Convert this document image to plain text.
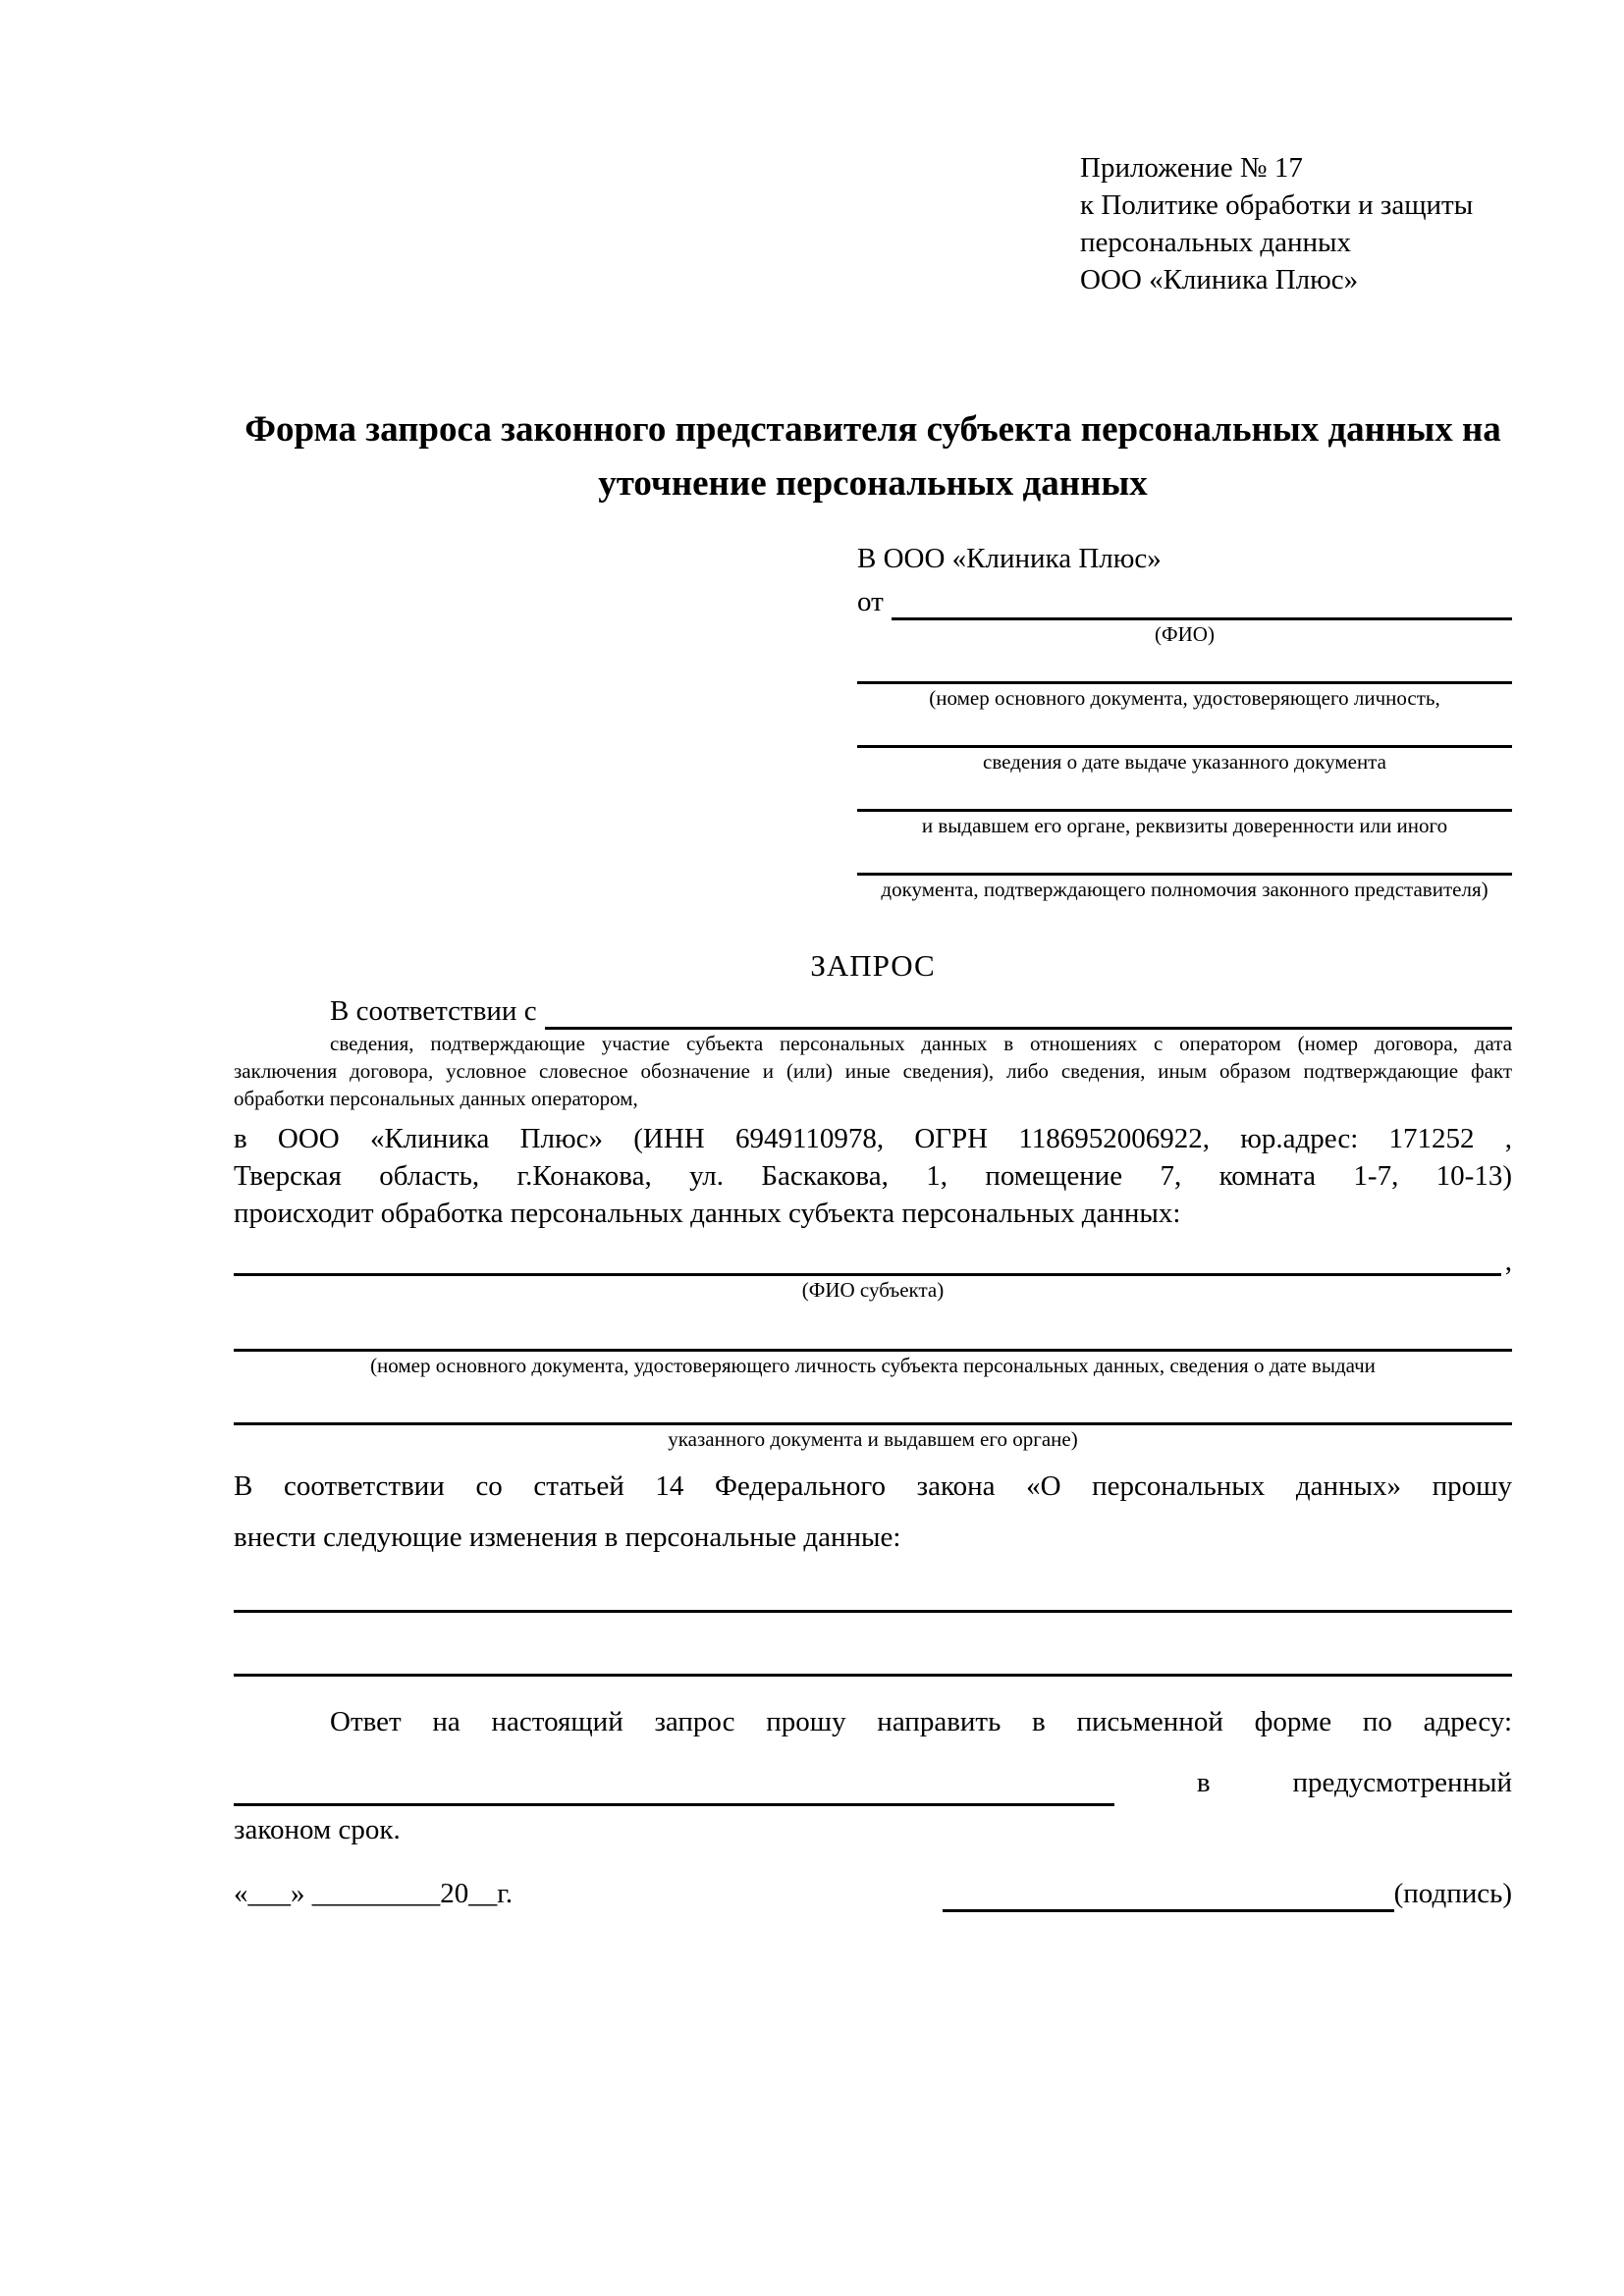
Приложение № 17
к Политике обработки и защиты
персональных данных
ООО «Клиника Плюс»
Форма запроса законного представителя субъекта персональных данных на уточнение персональных данных
В ООО «Клиника Плюс»
от
(ФИО)
(номер основного документа, удостоверяющего личность,
сведения о дате выдаче указанного документа
и выдавшем его органе, реквизиты доверенности или иного
документа, подтверждающего полномочия законного представителя)
ЗАПРОС
В соответствии с
сведения, подтверждающие участие субъекта персональных данных в отношениях с оператором (номер договора, дата
заключения договора, условное словесное обозначение и (или) иные сведения), либо сведения, иным образом подтверждающие факт
обработки персональных данных оператором,
в ООО «Клиника Плюс» (ИНН 6949110978, ОГРН 1186952006922, юр.адрес: 171252 ,
Тверская область, г.Конакова, ул. Баскакова, 1, помещение 7, комната 1-7, 10-13)
происходит обработка персональных данных субъекта персональных данных:
,
(ФИО субъекта)
(номер основного документа, удостоверяющего личность субъекта персональных данных, сведения о дате выдачи
указанного документа и выдавшем его органе)
В соответствии со статьей 14 Федерального закона «О персональных данных» прошу
внести следующие изменения в персональные данные:
Ответ на настоящий запрос прошу направить в письменной форме по адресу:
в	предусмотренный
законом срок.
«___» _________20__г.	(подпись)
